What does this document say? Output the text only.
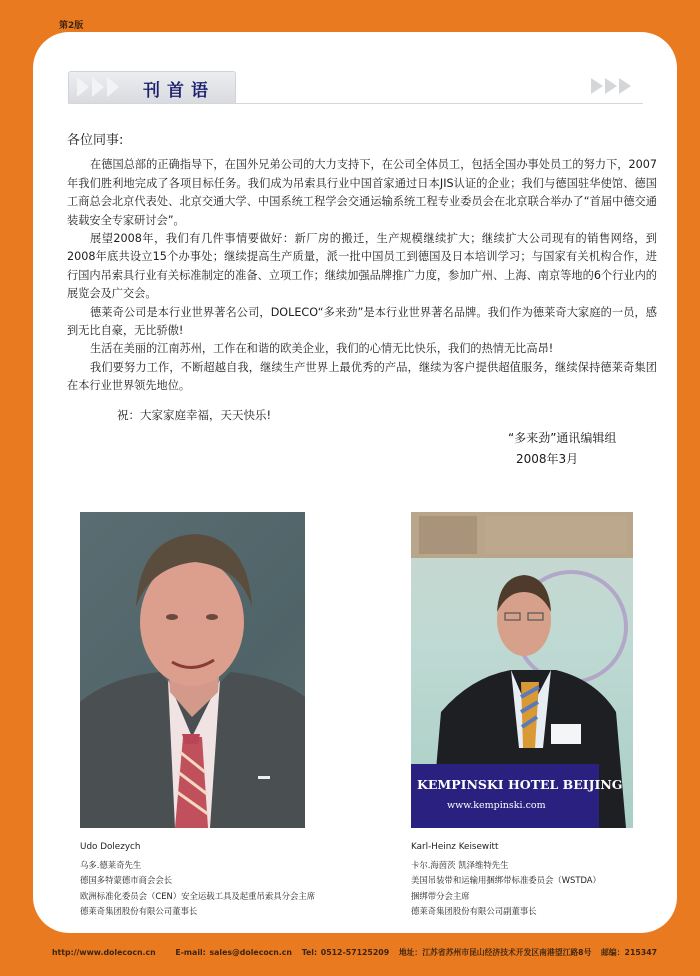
第2版
刊首语
各位同事:

在德国总部的正确指导下，在国外兄弟公司的大力支持下，在公司全体员工，包括全国办事处员工的努力下，2007年我们胜利地完成了各项目标任务。我们成为吊索具行业中国首家通过日本JIS认证的企业；我们与德国驻华使馆、德国工商总会北京代表处、北京交通大学、中国系统工程学会交通运输系统工程专业委员会在北京联合举办了“首届中德交通装载安全专家研讨会”。

展望2008年，我们有几件事情要做好：新厂房的搬迁，生产规模继续扩大；继续扩大公司现有的销售网络，到2008年底共设立15个办事处；继续提高生产质量，派一批中国员工到德国及日本培训学习；与国家有关机构合作，进行国内吊索具行业有关标准制定的准备、立项工作；继续加强品牌推广力度，参加广州、上海、南京等地的6个行业内的展览会及广交会。

德莱奇公司是本行业世界著名公司，DOLECO“多来劲”是本行业世界著名品牌。我们作为德莱奇大家庭的一员，感到无比自豪，无比骄傲!

生活在美丽的江南苏州，工作在和谐的欧美企业，我们的心情无比快乐，我们的热情无比高昂!

我们要努力工作，不断超越自我，继续生产世界上最优秀的产品，继续为客户提供超值服务，继续保持德莱奇集团在本行业世界领先地位。

祝：大家家庭幸福，天天快乐!
“多来劲”通讯编辑组
2008年3月
KEMPINSKI HOTEL BEIJING
www.kempinski.com
Udo Dolezych
乌多.德莱奇先生
德国多特蒙德市商会会长
欧洲标准化委员会（CEN）安全运载工具及起重吊索具分会主席
德莱奇集团股份有限公司董事长
Karl-Heinz Keisewitt
卡尔.海茵茨 凯泽维特先生
美国吊装带和运输用捆绑带标准委员会（WSTDA）
捆绑带分会主席
德莱奇集团股份有限公司副董事长
http://www.dolecocn.cn	E-mail: sales@dolecocn.cn Tel: 0512-57125209 地址：江苏省苏州市昆山经济技术开发区南港望江路8号 邮编：215347
